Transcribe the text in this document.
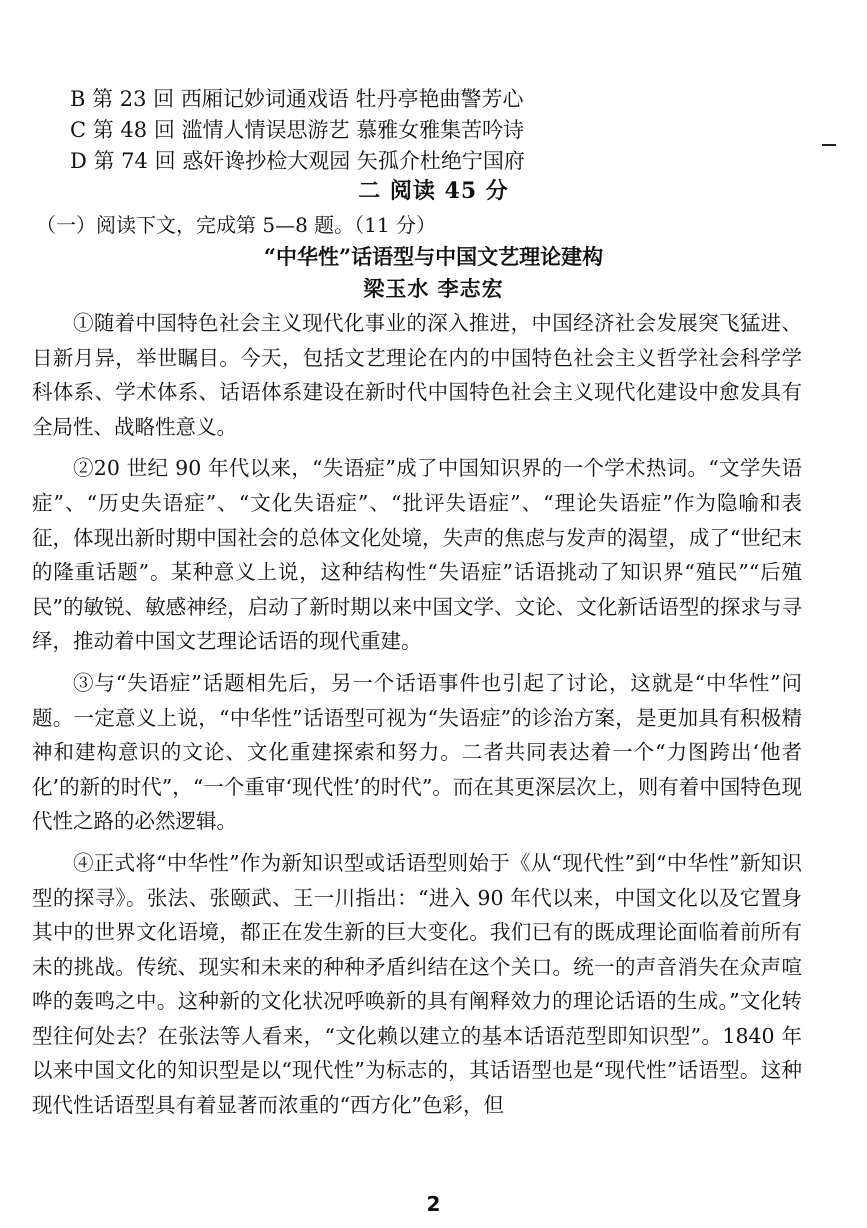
B 第 23 回 西厢记妙词通戏语 牡丹亭艳曲警芳心
C 第 48 回 滥情人情误思游艺 慕雅女雅集苦吟诗
D 第 74 回 惑奸谗抄检大观园 矢孤介杜绝宁国府
二 阅读 45 分
（一）阅读下文，完成第 5—8 题。（11 分）
“中华性”话语型与中国文艺理论建构
梁玉水 李志宏

①随着中国特色社会主义现代化事业的深入推进，中国经济社会发展突飞猛进、日新月异，举世瞩目。今天，包括文艺理论在内的中国特色社会主义哲学社会科学学科体系、学术体系、话语体系建设在新时代中国特色社会主义现代化建设中愈发具有全局性、战略性意义。

②20 世纪 90 年代以来，“失语症”成了中国知识界的一个学术热词。“文学失语症”、“历史失语症”、“文化失语症”、“批评失语症”、“理论失语症”作为隐喻和表征，体现出新时期中国社会的总体文化处境，失声的焦虑与发声的渴望，成了“世纪末的隆重话题”。某种意义上说，这种结构性“失语症”话语挑动了知识界“殖民”“后殖民”的敏锐、敏感神经，启动了新时期以来中国文学、文论、文化新话语型的探求与寻绎，推动着中国文艺理论话语的现代重建。

③与“失语症”话题相先后，另一个话语事件也引起了讨论，这就是“中华性”问题。一定意义上说，“中华性”话语型可视为“失语症”的诊治方案，是更加具有积极精神和建构意识的文论、文化重建探索和努力。二者共同表达着一个“力图跨出‘他者化’的新的时代”，“一个重审‘现代性’的时代”。而在其更深层次上，则有着中国特色现代性之路的必然逻辑。

④正式将“中华性”作为新知识型或话语型则始于《从“现代性”到“中华性”新知识型的探寻》。张法、张颐武、王一川指出：“进入 90 年代以来，中国文化以及它置身其中的世界文化语境，都正在发生新的巨大变化。我们已有的既成理论面临着前所有未的挑战。传统、现实和未来的种种矛盾纠结在这个关口。统一的声音消失在众声喧哗的轰鸣之中。这种新的文化状况呼唤新的具有阐释效力的理论话语的生成。”文化转型往何处去？在张法等人看来，“文化赖以建立的基本话语范型即知识型”。1840 年以来中国文化的知识型是以“现代性”为标志的，其话语型也是“现代性”话语型。这种现代性话语型具有着显著而浓重的“西方化”色彩，但

2
